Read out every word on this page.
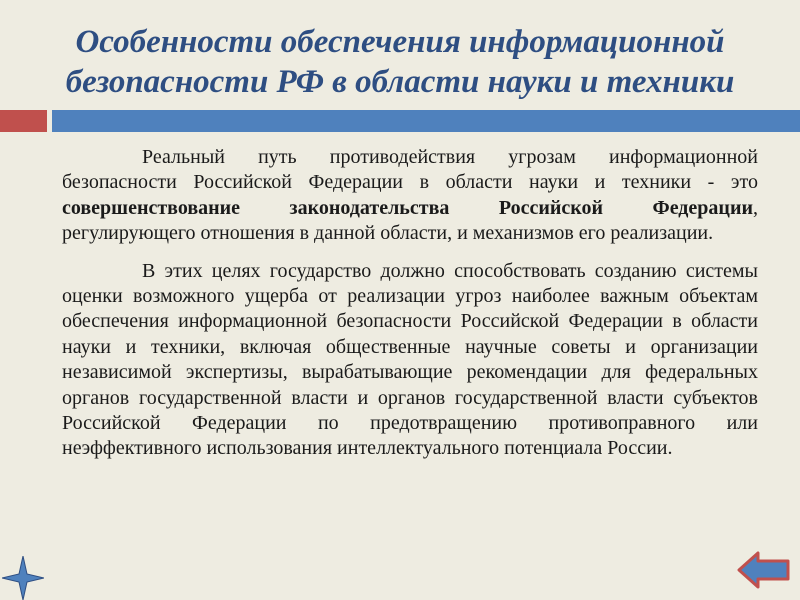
Особенности обеспечения информационной безопасности РФ в области науки и техники

Реальный путь противодействия угрозам информационной безопасности Российской Федерации в области науки и техники - это совершенствование законодательства Российской Федерации, регулирующего отношения в данной области, и механизмов его реализации.

В этих целях государство должно способствовать созданию системы оценки возможного ущерба от реализации угроз наиболее важным объектам обеспечения информационной безопасности Российской Федерации в области науки и техники, включая общественные научные советы и организации независимой экспертизы, вырабатывающие рекомендации для федеральных органов государственной власти и органов государственной власти субъектов Российской Федерации по предотвращению противоправного или неэффективного использования интеллектуального потенциала России.
